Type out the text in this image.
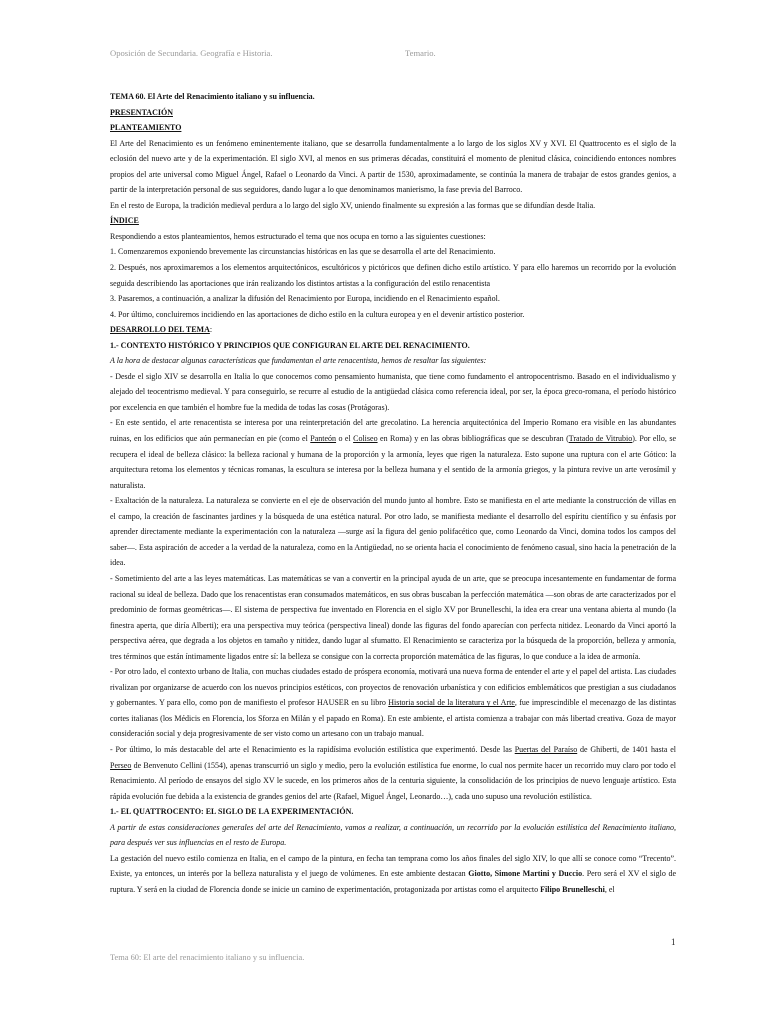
Oposición de Secundaria. Geografía e Historia.	Temario.

TEMA 60. El Arte del Renacimiento italiano y su influencia.

PRESENTACIÓN

PLANTEAMIENTO

El Arte del Renacimiento es un fenómeno eminentemente italiano, que se desarrolla fundamentalmente a lo largo de los siglos XV y XVI. El Quattrocento es el siglo de la eclosión del nuevo arte y de la experimentación. El siglo XVI, al menos en sus primeras décadas, constituirá el momento de plenitud clásica, coincidiendo entonces nombres propios del arte universal como Miguel Ángel, Rafael o Leonardo da Vinci. A partir de 1530, aproximadamente, se continúa la manera de trabajar de estos grandes genios, a partir de la interpretación personal de sus seguidores, dando lugar a lo que denominamos manierismo, la fase previa del Barroco.

En el resto de Europa, la tradición medieval perdura a lo largo del siglo XV, uniendo finalmente su expresión a las formas que se difundían desde Italia.

ÍNDICE

Respondiendo a estos planteamientos, hemos estructurado el tema que nos ocupa en torno a las siguientes cuestiones:

1. Comenzaremos exponiendo brevemente las circunstancias históricas en las que se desarrolla el arte del Renacimiento.

2. Después, nos aproximaremos a los elementos arquitectónicos, escultóricos y pictóricos que definen dicho estilo artístico. Y para ello haremos un recorrido por la evolución seguida describiendo las aportaciones que irán realizando los distintos artistas a la configuración del estilo renacentista

3. Pasaremos, a continuación, a analizar la difusión del Renacimiento por Europa, incidiendo en el Renacimiento español.

4. Por último, concluiremos incidiendo en las aportaciones de dicho estilo en la cultura europea y en el devenir artístico posterior.

DESARROLLO DEL TEMA:

1.- CONTEXTO HISTÓRICO Y PRINCIPIOS QUE CONFIGURAN EL ARTE DEL RENACIMIENTO.

A la hora de destacar algunas características que fundamentan el arte renacentista, hemos de resaltar las siguientes:

- Desde el siglo XIV se desarrolla en Italia lo que conocemos como pensamiento humanista, que tiene como fundamento el antropocentrismo. Basado en el individualismo y alejado del teocentrismo medieval. Y para conseguirlo, se recurre al estudio de la antigüedad clásica como referencia ideal, por ser, la época greco-romana, el período histórico por excelencia en que también el hombre fue la medida de todas las cosas (Protágoras).

- En este sentido, el arte renacentista se interesa por una reinterpretación del arte grecolatino. La herencia arquitectónica del Imperio Romano era visible en las abundantes ruinas, en los edificios que aún permanecían en pie (como el Panteón o el Coliseo en Roma) y en las obras bibliográficas que se descubran (Tratado de Vitrubio). Por ello, se recupera el ideal de belleza clásico: la belleza racional y humana de la proporción y la armonía, leyes que rigen la naturaleza. Esto supone una ruptura con el arte Gótico: la arquitectura retoma los elementos y técnicas romanas, la escultura se interesa por la belleza humana y el sentido de la armonía griegos, y la pintura revive un arte verosímil y naturalista.

- Exaltación de la naturaleza. La naturaleza se convierte en el eje de observación del mundo junto al hombre. Esto se manifiesta en el arte mediante la construcción de villas en el campo, la creación de fascinantes jardines y la búsqueda de una estética natural. Por otro lado, se manifiesta mediante el desarrollo del espíritu científico y su énfasis por aprender directamente mediante la experimentación con la naturaleza —surge así la figura del genio polifacético que, como Leonardo da Vinci, domina todos los campos del saber—. Esta aspiración de acceder a la verdad de la naturaleza, como en la Antigüedad, no se orienta hacia el conocimiento de fenómeno casual, sino hacia la penetración de la idea.

- Sometimiento del arte a las leyes matemáticas. Las matemáticas se van a convertir en la principal ayuda de un arte, que se preocupa incesantemente en fundamentar de forma racional su ideal de belleza. Dado que los renacentistas eran consumados matemáticos, en sus obras buscaban la perfección matemática —son obras de arte caracterizados por el predominio de formas geométricas—. El sistema de perspectiva fue inventado en Florencia en el siglo XV por Brunelleschi, la idea era crear una ventana abierta al mundo (la finestra aperta, que diría Alberti); era una perspectiva muy teórica (perspectiva lineal) donde las figuras del fondo aparecían con perfecta nitidez. Leonardo da Vinci aportó la perspectiva aérea, que degrada a los objetos en tamaño y nitidez, dando lugar al sfumatto. El Renacimiento se caracteriza por la búsqueda de la proporción, belleza y armonía, tres términos que están íntimamente ligados entre sí: la belleza se consigue con la correcta proporción matemática de las figuras, lo que conduce a la idea de armonía.

- Por otro lado, el contexto urbano de Italia, con muchas ciudades estado de próspera economía, motivará una nueva forma de entender el arte y el papel del artista. Las ciudades rivalizan por organizarse de acuerdo con los nuevos principios estéticos, con proyectos de renovación urbanística y con edificios emblemáticos que prestigian a sus ciudadanos y gobernantes. Y para ello, como pon de manifiesto el profesor HAUSER en su libro Historia social de la literatura y el Arte, fue imprescindible el mecenazgo de las distintas cortes italianas (los Médicis en Florencia, los Sforza en Milán y el papado en Roma). En este ambiente, el artista comienza a trabajar con más libertad creativa. Goza de mayor consideración social y deja progresivamente de ser visto como un artesano con un trabajo manual.

- Por último, lo más destacable del arte el Renacimiento es la rapidísima evolución estilística que experimentó. Desde las Puertas del Paraíso de Ghiberti, de 1401 hasta el Perseo de Benvenuto Cellini (1554), apenas transcurrió un siglo y medio, pero la evolución estilística fue enorme, lo cual nos permite hacer un recorrido muy claro por todo el Renacimiento. Al período de ensayos del siglo XV le sucede, en los primeros años de la centuria siguiente, la consolidación de los principios de nuevo lenguaje artístico. Esta rápida evolución fue debida a la existencia de grandes genios del arte (Rafael, Miguel Ángel, Leonardo…), cada uno supuso una revolución estilística.

1.- EL QUATTROCENTO: EL SIGLO DE LA EXPERIMENTACIÓN.

A partir de estas consideraciones generales del arte del Renacimiento, vamos a realizar, a continuación, un recorrido por la evolución estilística del Renacimiento italiano, para después ver sus influencias en el resto de Europa.

La gestación del nuevo estilo comienza en Italia, en el campo de la pintura, en fecha tan temprana como los años finales del siglo XIV, lo que allí se conoce como “Trecento”. Existe, ya entonces, un interés por la belleza naturalista y el juego de volúmenes. En este ambiente destacan Giotto, Simone Martini y Duccio. Pero será el XV el siglo de ruptura. Y será en la ciudad de Florencia donde se inicie un camino de experimentación, protagonizada por artistas como el arquitecto Filipo Brunelleschi, el

1
Tema 60: El arte del renacimiento italiano y su influencia.
